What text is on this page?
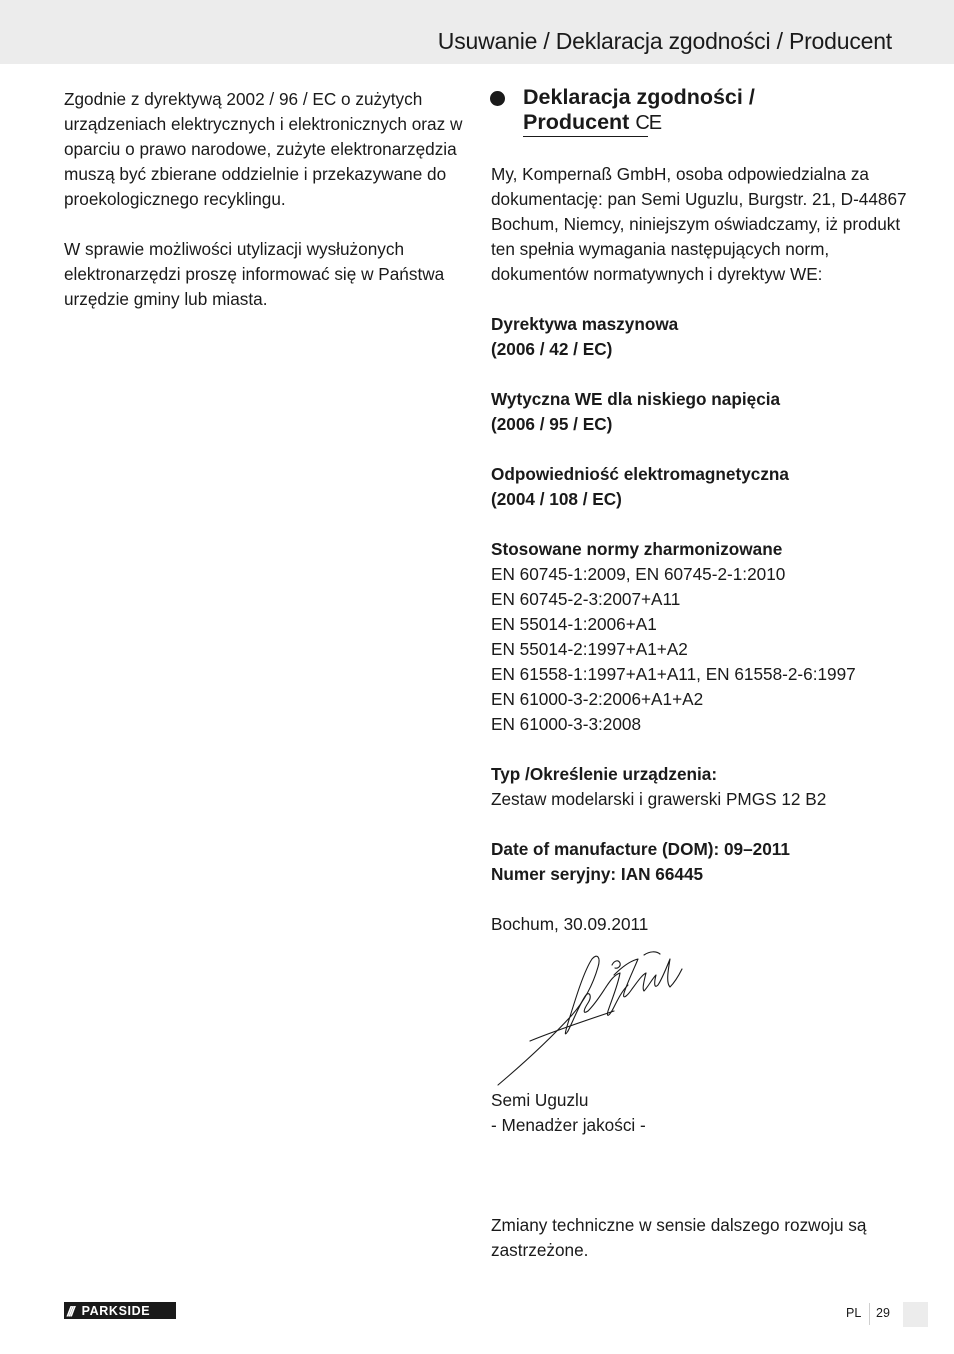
Usuwanie / Deklaracja zgodności / Producent

Zgodnie z dyrektywą 2002 / 96 / EC o zużytych urządzeniach elektrycznych i elektronicznych oraz w oparciu o prawo narodowe, zużyte elektronarzędzia muszą być zbierane oddzielnie i przekazywane do proekologicznego recyklingu.

W sprawie możliwości utylizacji wysłużonych elektronarzędzi proszę informować się w Państwa urzędzie gminy lub miasta.

Deklaracja zgodności /
Producent CE

My, Kompernaß GmbH, osoba odpowiedzialna za dokumentację: pan Semi Uguzlu, Burgstr. 21, D-44867 Bochum, Niemcy, niniejszym oświadczamy, iż produkt ten spełnia wymagania następujących norm, dokumentów normatywnych i dyrektyw WE:

Dyrektywa maszynowa
(2006 / 42 / EC)

Wytyczna WE dla niskiego napięcia
(2006 / 95 / EC)

Odpowiedniość elektromagnetyczna
(2004 / 108 / EC)

Stosowane normy zharmonizowane
EN 60745-1:2009, EN 60745-2-1:2010
EN 60745-2-3:2007+A11
EN 55014-1:2006+A1
EN 55014-2:1997+A1+A2
EN 61558-1:1997+A1+A11, EN 61558-2-6:1997
EN 61000-3-2:2006+A1+A2
EN 61000-3-3:2008

Typ /Określenie urządzenia:
Zestaw modelarski i grawerski PMGS 12 B2

Date of manufacture (DOM): 09–2011
Numer seryjny: IAN 66445

Bochum, 30.09.2011

Semi Uguzlu
- Menadżer jakości -
Zmiany techniczne w sensie dalszego rozwoju są zastrzeżone.
/// PARKSIDE	PL 29
